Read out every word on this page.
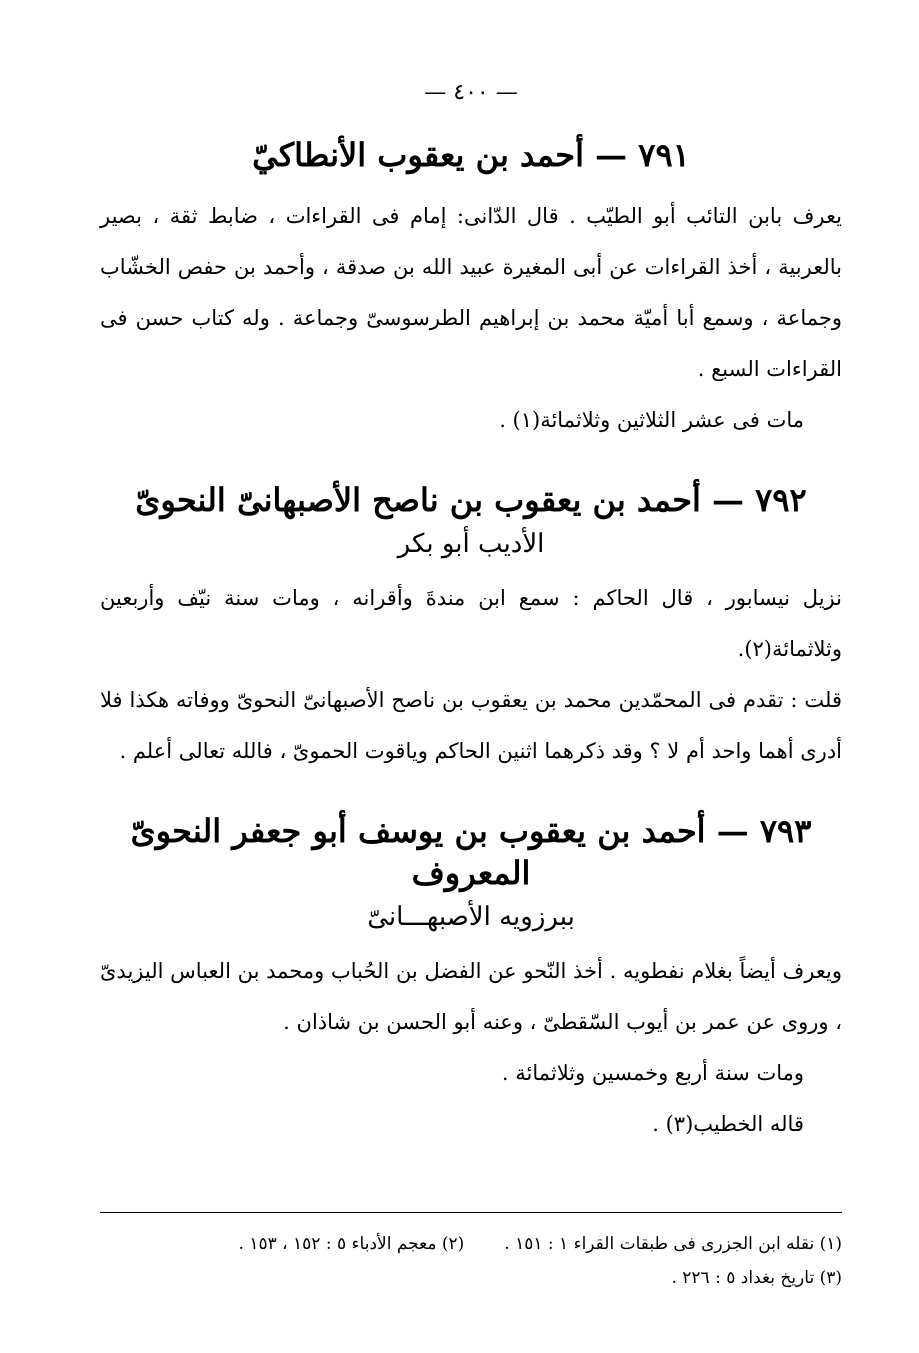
— ٤٠٠ —
٧٩١ — أحمد بن يعقوب الأنطاكيّ

يعرف بابن التائب أبو الطيّب . قال الدّانى: إمام فى القراءات ، ضابط ثقة ، بصير بالعربية ، أخذ القراءات عن أبى المغيرة عبيد الله بن صدقة ، وأحمد بن حفص الخشّاب وجماعة ، وسمع أبا أميّة محمد بن إبراهيم الطرسوسىّ وجماعة . وله كتاب حسن فى القراءات السبع .

مات فى عشر الثلاثين وثلاثمائة(١) .

٧٩٢ — أحمد بن يعقوب بن ناصح الأصبهانىّ النحوىّ
الأديب أبو بكر

نزيل نيسابور ، قال الحاكم : سمع ابن مندةَ وأقرانه ، ومات سنة نيّف وأربعين وثلاثمائة(٢).

قلت : تقدم فى المحمّدين محمد بن يعقوب بن ناصح الأصبهانىّ النحوىّ ووفاته هكذا فلا أدرى أهما واحد أم لا ؟ وقد ذكرهما اثنين الحاكم وياقوت الحموىّ ، فالله تعالى أعلم .

٧٩٣ — أحمد بن يعقوب بن يوسف أبو جعفر النحوىّ المعروف
ببرزويه الأصبهـــانىّ

ويعرف أيضاً بغلام نفطويه . أخذ النّحو عن الفضل بن الحُباب ومحمد بن العباس اليزيدىّ ، وروى عن عمر بن أيوب السّقطىّ ، وعنه أبو الحسن بن شاذان .

ومات سنة أربع وخمسين وثلاثمائة .

قاله الخطيب(٣) .

(١) نقله ابن الجزرى فى طبقات القراء ١ : ١٥١ .
(٢) معجم الأدباء ٥ : ١٥٢ ، ١٥٣ .
(٣) تاريخ بغداد ٥ : ٢٢٦ .
